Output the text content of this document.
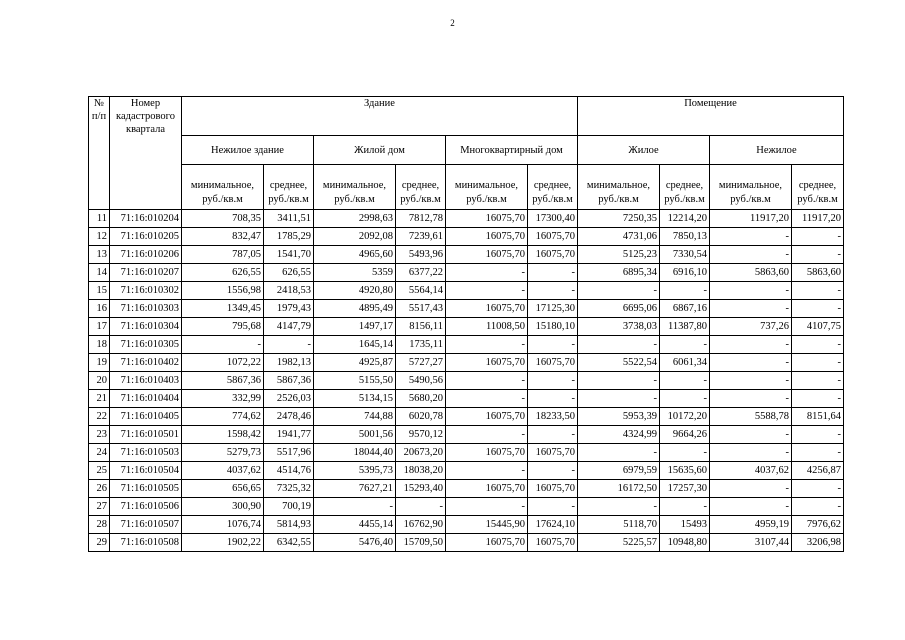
2
№ п/п	Номер кадастрового квартала	Здание						Помещение			
		Нежилое здание		Жилой дом		Многоквартирный дом		Жилое		Нежилое	
		минимальное, руб./кв.м	среднее, руб./кв.м	минимальное, руб./кв.м	среднее, руб./кв.м	минимальное, руб./кв.м	среднее, руб./кв.м	минимальное, руб./кв.м	среднее, руб./кв.м	минимальное, руб./кв.м	среднее, руб./кв.м
11	71:16:010204	708,35	3411,51	2998,63	7812,78	16075,70	17300,40	7250,35	12214,20	11917,20	11917,20
12	71:16:010205	832,47	1785,29	2092,08	7239,61	16075,70	16075,70	4731,06	7850,13	-	-
13	71:16:010206	787,05	1541,70	4965,60	5493,96	16075,70	16075,70	5125,23	7330,54	-	-
14	71:16:010207	626,55	626,55	5359	6377,22	-	-	6895,34	6916,10	5863,60	5863,60
15	71:16:010302	1556,98	2418,53	4920,80	5564,14	-	-	-	-	-	-
16	71:16:010303	1349,45	1979,43	4895,49	5517,43	16075,70	17125,30	6695,06	6867,16	-	-
17	71:16:010304	795,68	4147,79	1497,17	8156,11	11008,50	15180,10	3738,03	11387,80	737,26	4107,75
18	71:16:010305	-	-	1645,14	1735,11	-	-	-	-	-	-
19	71:16:010402	1072,22	1982,13	4925,87	5727,27	16075,70	16075,70	5522,54	6061,34	-	-
20	71:16:010403	5867,36	5867,36	5155,50	5490,56	-	-	-	-	-	-
21	71:16:010404	332,99	2526,03	5134,15	5680,20	-	-	-	-	-	-
22	71:16:010405	774,62	2478,46	744,88	6020,78	16075,70	18233,50	5953,39	10172,20	5588,78	8151,64
23	71:16:010501	1598,42	1941,77	5001,56	9570,12	-	-	4324,99	9664,26	-	-
24	71:16:010503	5279,73	5517,96	18044,40	20673,20	16075,70	16075,70	-	-	-	-
25	71:16:010504	4037,62	4514,76	5395,73	18038,20	-	-	6979,59	15635,60	4037,62	4256,87
26	71:16:010505	656,65	7325,32	7627,21	15293,40	16075,70	16075,70	16172,50	17257,30	-	-
27	71:16:010506	300,90	700,19	-	-	-	-	-	-	-	-
28	71:16:010507	1076,74	5814,93	4455,14	16762,90	15445,90	17624,10	5118,70	15493	4959,19	7976,62
29	71:16:010508	1902,22	6342,55	5476,40	15709,50	16075,70	16075,70	5225,57	10948,80	3107,44	3206,98
